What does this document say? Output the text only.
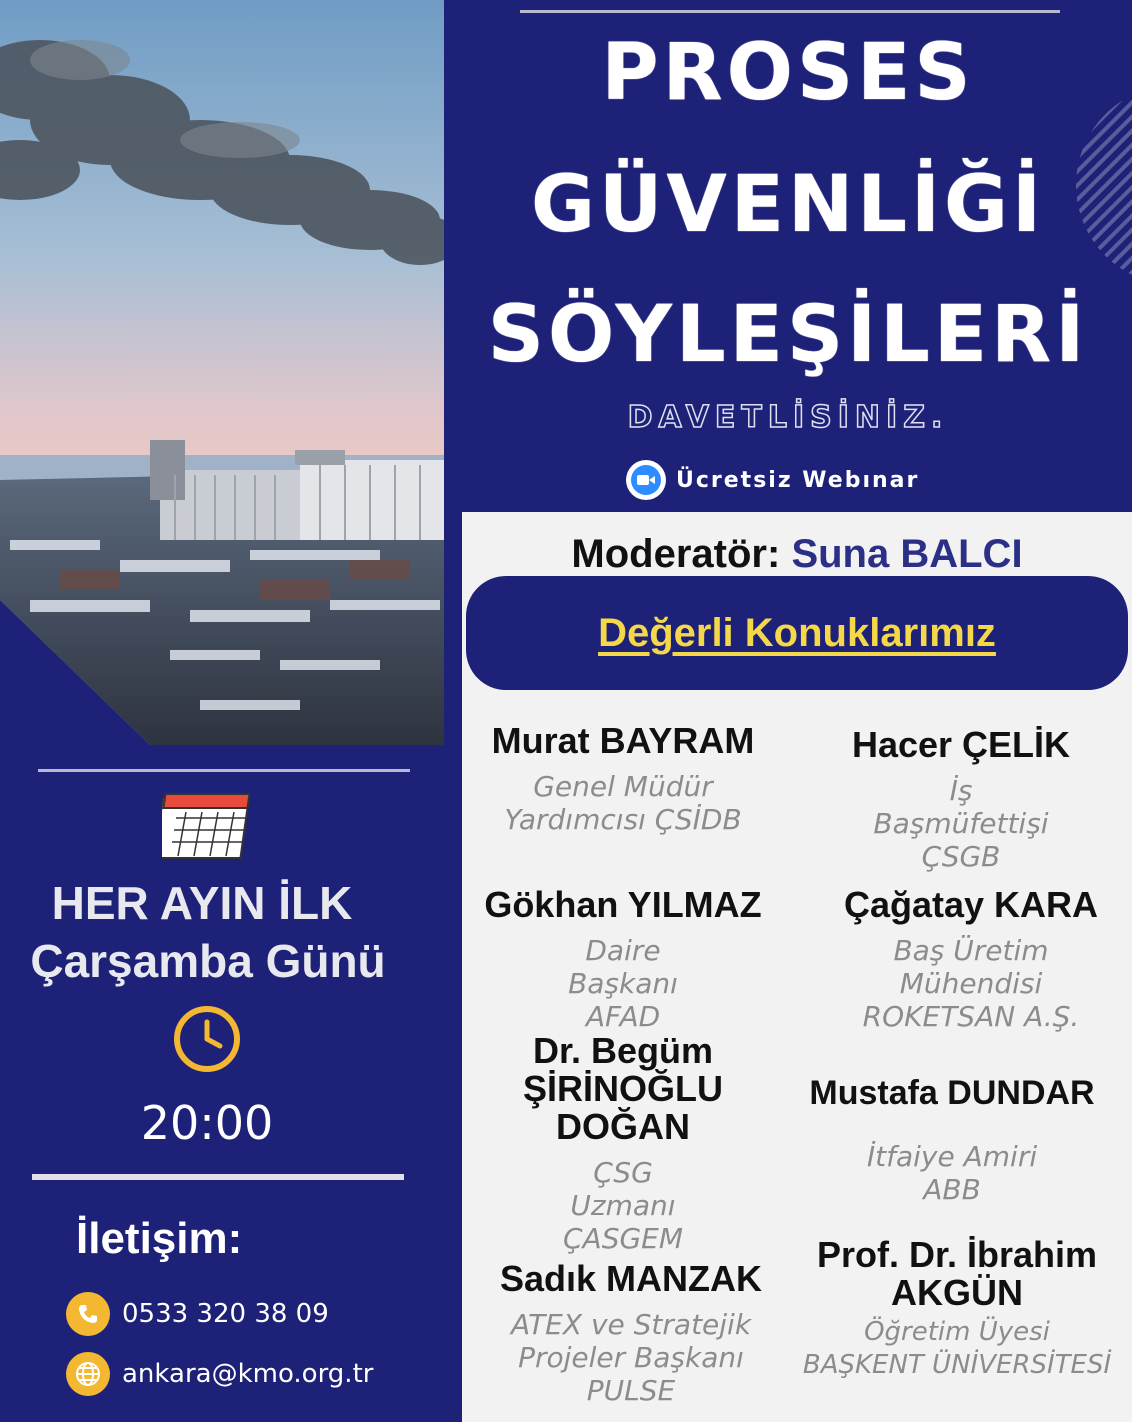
PROSES
GÜVENLİĞİ
SÖYLEŞİLERİ
DAVETLİSİNİZ.
Ücretsiz Webınar
HER AYIN İLK
Çarşamba Günü
20:00
İletişim:
0533 320 38 09
ankara@kmo.org.tr
Moderatör: Suna BALCI
Değerli Konuklarımız
Murat BAYRAM
Genel Müdür Yardımcısı ÇSİDB
Hacer ÇELİK
İş Başmüfettişi ÇSGB
Gökhan YILMAZ
Daire Başkanı AFAD
Çağatay KARA
Baş Üretim Mühendisi ROKETSAN A.Ş.
Dr. Begüm ŞİRİNOĞLU DOĞAN
ÇSG Uzmanı ÇASGEM
Mustafa DUNDAR
İtfaiye Amiri ABB
Sadık MANZAK
ATEX ve Stratejik Projeler Başkanı PULSE
Prof. Dr. İbrahim AKGÜN
Öğretim Üyesi BAŞKENT ÜNİVERSİTESİ
